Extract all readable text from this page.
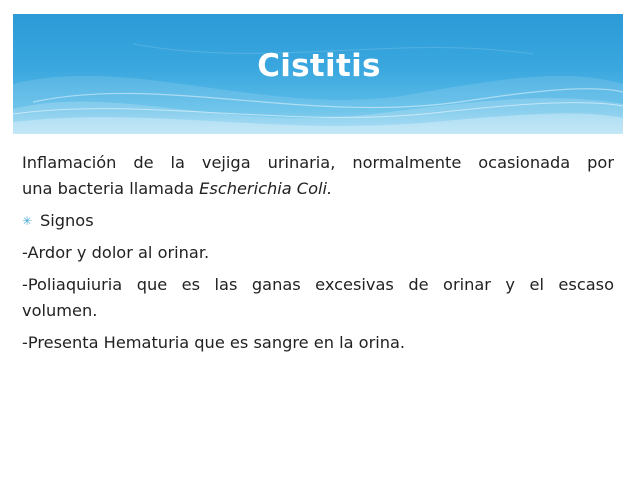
Cistitis

Inflamación de la vejiga urinaria, normalmente ocasionada por

una bacteria llamada Escherichia Coli.

✳ Signos

-Ardor y dolor al orinar.

-Poliaquiuria que es las ganas excesivas de orinar y el escaso

volumen.

-Presenta Hematuria que es sangre en la orina.
